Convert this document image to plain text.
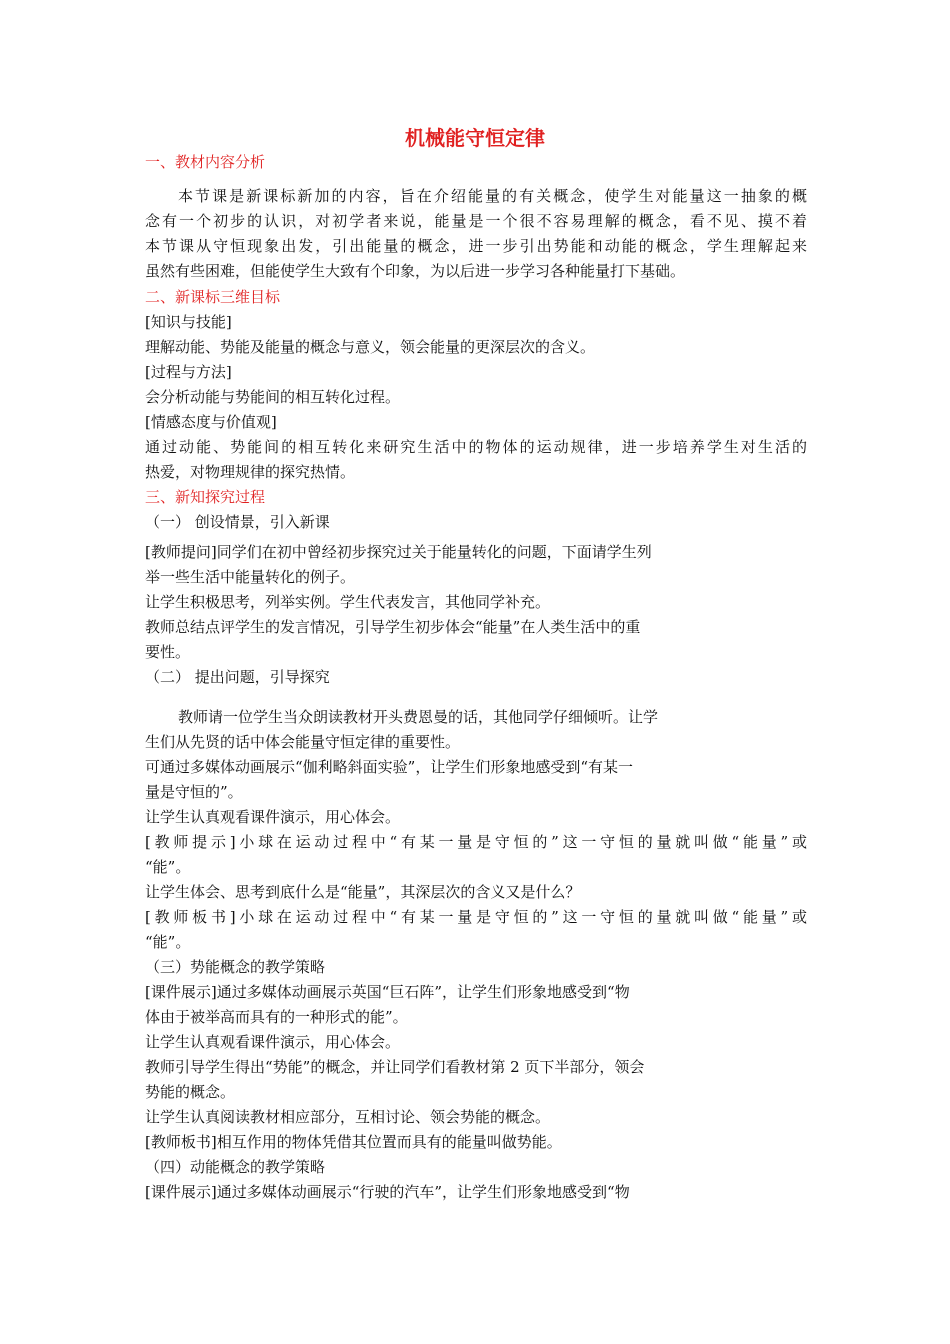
机械能守恒定律
一、教材内容分析
本节课是新课标新加的内容，旨在介绍能量的有关概念，使学生对能量这一抽象的概
念有一个初步的认识，对初学者来说，能量是一个很不容易理解的概念，看不见、摸不着
本节课从守恒现象出发，引出能量的概念，进一步引出势能和动能的概念，学生理解起来
虽然有些困难，但能使学生大致有个印象，为以后进一步学习各种能量打下基础。
二、新课标三维目标
[知识与技能]
理解动能、势能及能量的概念与意义，领会能量的更深层次的含义。
[过程与方法]
会分析动能与势能间的相互转化过程。
[情感态度与价值观]
通过动能、势能间的相互转化来研究生活中的物体的运动规律，进一步培养学生对生活的
热爱，对物理规律的探究热情。
三、新知探究过程
（一） 创设情景，引入新课
[教师提问]同学们在初中曾经初步探究过关于能量转化的问题，下面请学生列
举一些生活中能量转化的例子。
让学生积极思考，列举实例。学生代表发言，其他同学补充。
教师总结点评学生的发言情况，引导学生初步体会“能量”在人类生活中的重
要性。
（二） 提出问题，引导探究
教师请一位学生当众朗读教材开头费恩曼的话，其他同学仔细倾听。让学
生们从先贤的话中体会能量守恒定律的重要性。
可通过多媒体动画展示“伽利略斜面实验”，让学生们形象地感受到“有某一
量是守恒的”。
让学生认真观看课件演示，用心体会。
[教师提示]小球在运动过程中“有某一量是守恒的”这一守恒的量就叫做“能量”或
“能”。
让学生体会、思考到底什么是“能量”，其深层次的含义又是什么？
[教师板书]小球在运动过程中“有某一量是守恒的”这一守恒的量就叫做“能量”或
“能”。
（三）势能概念的教学策略
[课件展示]通过多媒体动画展示英国“巨石阵”，让学生们形象地感受到“物
体由于被举高而具有的一种形式的能”。
让学生认真观看课件演示，用心体会。
教师引导学生得出“势能”的概念，并让同学们看教材第 2 页下半部分，领会
势能的概念。
让学生认真阅读教材相应部分，互相讨论、领会势能的概念。
[教师板书]相互作用的物体凭借其位置而具有的能量叫做势能。
（四）动能概念的教学策略
[课件展示]通过多媒体动画展示“行驶的汽车”，让学生们形象地感受到“物
